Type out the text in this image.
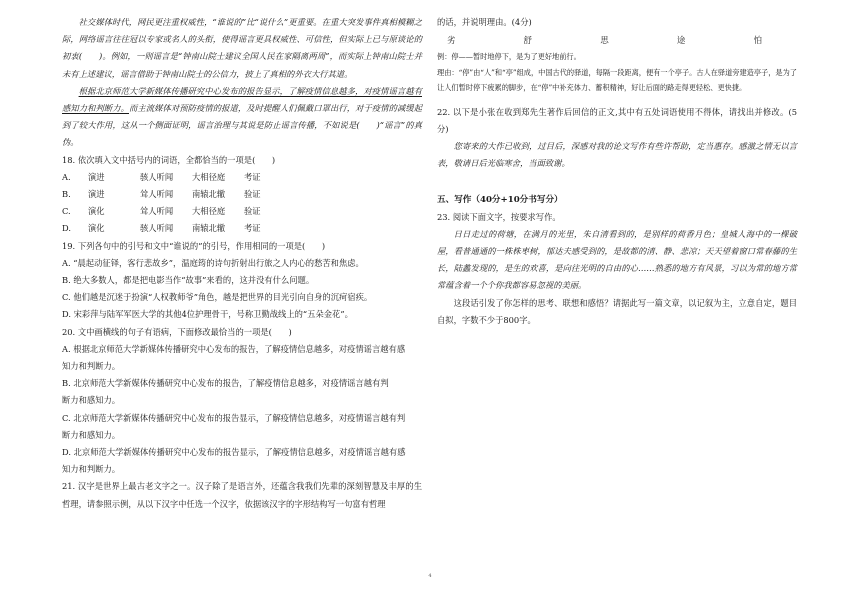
社交媒体时代，网民更注重权威性，“谁说的”比“说什么”更重要。在重大突发事件真相模糊之际，网络谣言往往冠以专家或名人的头衔，使得谣言更具权威性、可信性，但实际上已与原谈论的初衷(　　)。例如，一则谣言是“钟南山院士建议全国人民在家隔离两周”，而实际上钟南山院士并未有上述建议，谣言借助于钟南山院士的公信力，披上了真相的外衣大行其道。

根据北京师范大学新媒体传播研究中心发布的报告显示，了解疫情信息越多，对疫情谣言越有感知力和判断力。而主流媒体对预防疫情的报道，及时提醒人们佩戴口罩出行，对于疫情的减缓起到了较大作用，这从一个侧面证明，谣言治理与其说是防止谣言传播，不如说是(　　)“谣言”的真伪。

18. 依次填入文中括号内的词语，全都恰当的一项是(　　)

A.	演进	骇人听闻	大相径庭	考证
B.	演进	耸人听闻	南辕北辙	验证
C.	演化	耸人听闻	大相径庭	验证
D.	演化	骇人听闻	南辕北辙	考证

19. 下列各句中的引号和文中“谁说的”的引号，作用相同的一项是(　　)

A. “晨起动征铎，客行悲故乡”，温庭筠的诗句折射出行旅之人内心的愁苦和焦虑。

B. 绝大多数人，都是把电影当作“故事”来看的，这并没有什么问题。

C. 他们越是沉迷于扮演“人权教师爷”角色，越是把世界的目光引向自身的沉疴宿疾。

D. 宋彩萍与陆军军医大学的其他4位护理骨干，号称卫勤战线上的“五朵金花”。

20. 文中画横线的句子有语病，下面修改最恰当的一项是(　　)

A. 根据北京师范大学新媒体传播研究中心发布的报告，了解疫情信息越多，对疫情谣言越有感

知力和判断力。

B. 北京师范大学新媒体传播研究中心发布的报告，了解疫情信息越多，对疫情谣言越有判

断力和感知力。

C. 北京师范大学新媒体传播研究中心发布的报告显示，了解疫情信息越多，对疫情谣言越有判

断力和感知力。

D. 北京师范大学新媒体传播研究中心发布的报告显示，了解疫情信息越多，对疫情谣言越有感

知力和判断力。

21. 汉字是世界上最古老文字之一。汉子除了是语言外，还蕴含我我们先辈的深刻智慧及丰厚的生哲理，请参照示例，从以下汉字中任选一个汉字，依据该汉字的字形结构写一句富有哲理

的话，并说明理由。(4分)

劣	舒	思	途	怕

例：停——暂时地停下，是为了更好地前行。

理由：“停”由“人”和“亭”组成，中国古代的驿道，每隔一段距离，便有一个亭子。古人在驿道旁建造亭子，是为了让人们暂时停下疲累的脚步，在“停”中补充体力、蓄积精神，好让后面的路走得更轻松、更快捷。

22. 以下是小张在收到郑先生著作后回信的正文,其中有五处词语使用不得体，请找出并修改。(5分)

您寄来的大作已收到，过目后，深感对我的论文写作有些许帮助，定当惠存。感激之情无以言表，敬请日后光临寒舍，当面致谢。

五、写作（40分+10分书写分）

23. 阅读下面文字，按要求写作。

日日走过的荷塘，在满月的光里，朱自清看到的，是别样的荷香月色；皇城人海中的一棵破屋，看普通通的一株株枣树，郁达夫感受到的，是故都的清、静、悲凉；天天望着窗口常春藤的生长，陆蠡发现的，是生的欢喜，是向往光明的自由的心……熟悉的地方有风景，习以为常的地方常常蕴含着一个个你我都容易忽视的美丽。

这段话引发了你怎样的思考、联想和感悟？请据此写一篇文章，以记叙为主，立意自定，题目自拟，字数不少于800字。

4
